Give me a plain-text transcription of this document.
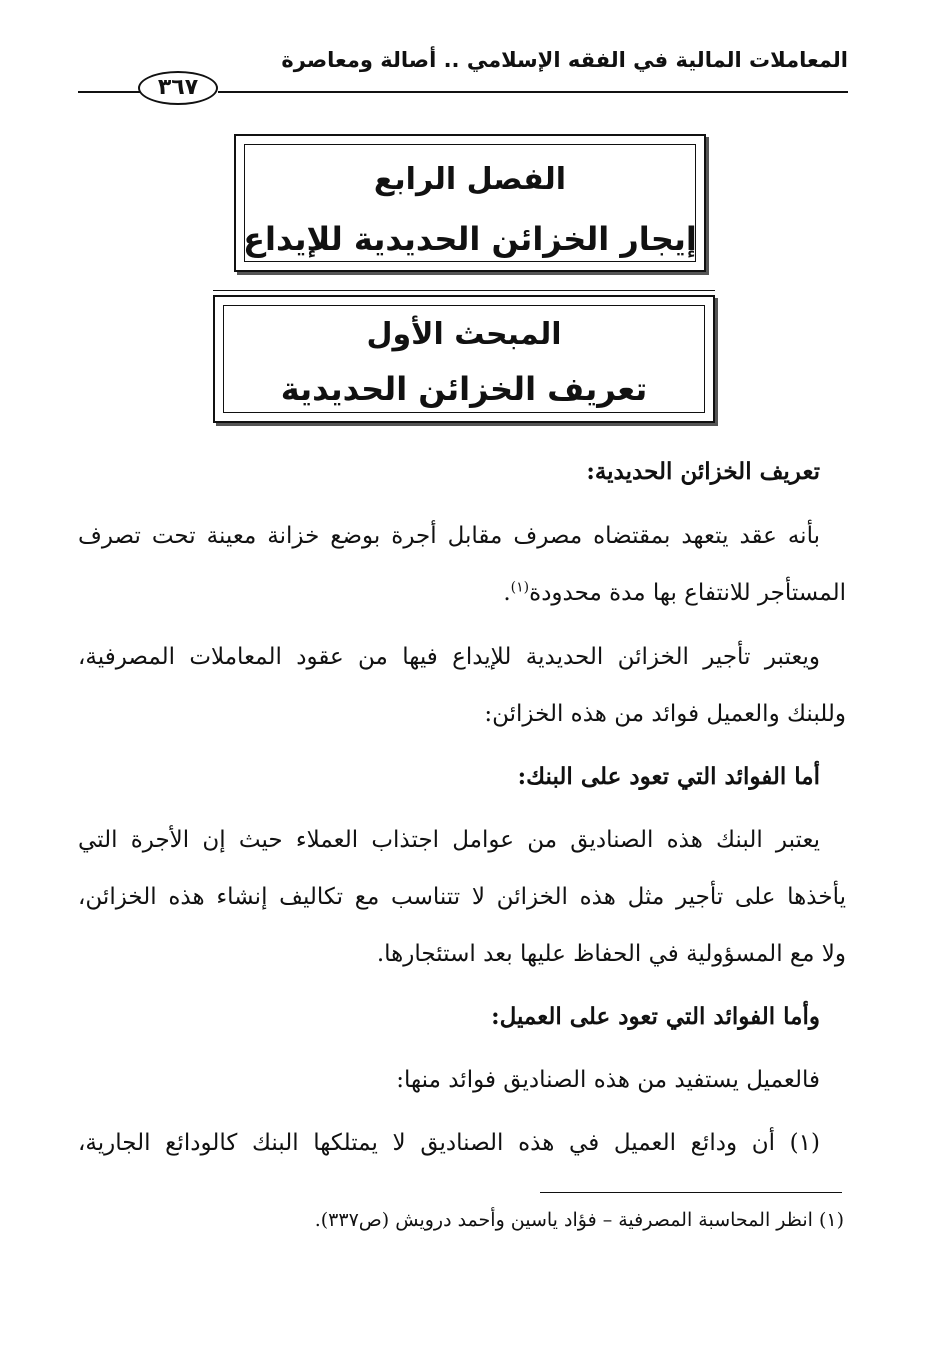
المعاملات المالية في الفقه الإسلامي .. أصالة ومعاصرة
٣٦٧
الفصل الرابع
إيجار الخزائن الحديدية للإيداع
المبحث الأول
تعريف الخزائن الحديدية
تعريف الخزائن الحديدية:
بأنه عقد يتعهد بمقتضاه مصرف مقابل أجرة بوضع خزانة معينة تحت تصرف
المستأجر للانتفاع بها مدة محدودة$^{(١)}$.
ويعتبر تأجير الخزائن الحديدية للإيداع فيها من عقود المعاملات المصرفية،
وللبنك والعميل فوائد من هذه الخزائن:
أما الفوائد التي تعود على البنك:
يعتبر البنك هذه الصناديق من عوامل اجتذاب العملاء حيث إن الأجرة التي
يأخذها على تأجير مثل هذه الخزائن لا تتناسب مع تكاليف إنشاء هذه الخزائن،
ولا مع المسؤولية في الحفاظ عليها بعد استئجارها.
وأما الفوائد التي تعود على العميل:
فالعميل يستفيد من هذه الصناديق فوائد منها:
(١) أن ودائع العميل في هذه الصناديق لا يمتلكها البنك كالودائع الجارية،
(١) انظر المحاسبة المصرفية – فؤاد ياسين وأحمد درويش (ص٣٣٧).
